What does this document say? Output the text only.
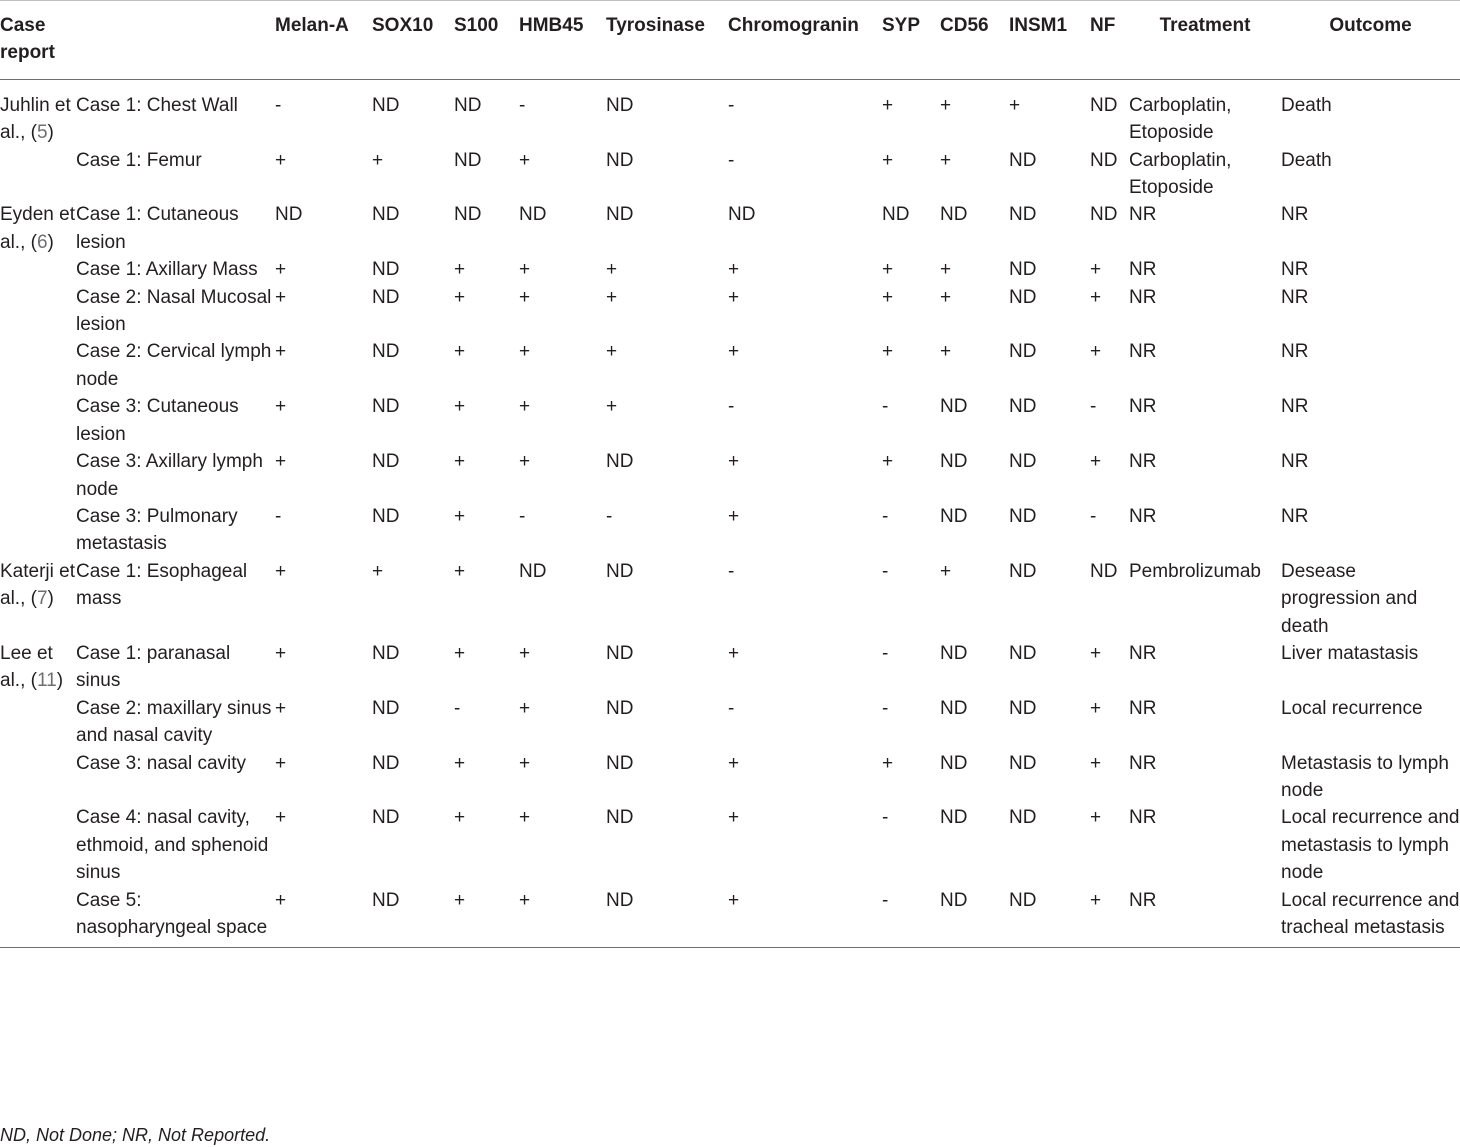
Case report		Melan-A	SOX10	S100	HMB45	Tyrosinase	Chromogranin	SYP	CD56	INSM1	NF	Treatment	Outcome
Juhlin et al., (5)	Case 1: Chest Wall	-	ND	ND	-	ND	-	+	+	+	ND	Carboplatin, Etoposide	Death
	Case 1: Femur	+	+	ND	+	ND	-	+	+	ND	ND	Carboplatin, Etoposide	Death
Eyden et al., (6)	Case 1: Cutaneous lesion	ND	ND	ND	ND	ND	ND	ND	ND	ND	ND	NR	NR
	Case 1: Axillary Mass	+	ND	+	+	+	+	+	+	ND	+	NR	NR
	Case 2: Nasal Mucosal lesion	+	ND	+	+	+	+	+	+	ND	+	NR	NR
	Case 2: Cervical lymph node	+	ND	+	+	+	+	+	+	ND	+	NR	NR
	Case 3: Cutaneous lesion	+	ND	+	+	+	-	-	ND	ND	-	NR	NR
	Case 3: Axillary lymph node	+	ND	+	+	ND	+	+	ND	ND	+	NR	NR
	Case 3: Pulmonary metastasis	-	ND	+	-	-	+	-	ND	ND	-	NR	NR
Katerji et al., (7)	Case 1: Esophageal mass	+	+	+	ND	ND	-	-	+	ND	ND	Pembrolizumab	Desease progression and death
Lee et al., (11)	Case 1: paranasal sinus	+	ND	+	+	ND	+	-	ND	ND	+	NR	Liver matastasis
	Case 2: maxillary sinus and nasal cavity	+	ND	-	+	ND	-	-	ND	ND	+	NR	Local recurrence
	Case 3: nasal cavity	+	ND	+	+	ND	+	+	ND	ND	+	NR	Metastasis to lymph node
	Case 4: nasal cavity, ethmoid, and sphenoid sinus	+	ND	+	+	ND	+	-	ND	ND	+	NR	Local recurrence and metastasis to lymph node
	Case 5: nasopharyngeal space	+	ND	+	+	ND	+	-	ND	ND	+	NR	Local recurrence and tracheal metastasis
ND, Not Done; NR, Not Reported.
